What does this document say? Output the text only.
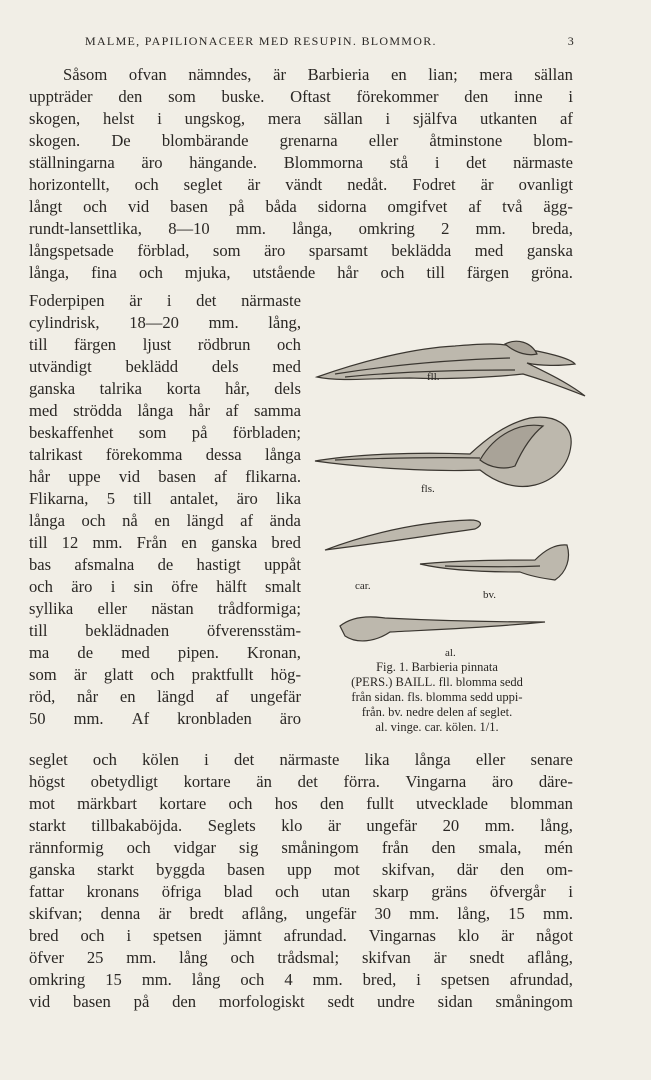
MALME, PAPILIONACEER MED RESUPIN. BLOMMOR.	3
Såsom ofvan nämndes, är Barbieria en lian; mera sällan
uppträder den som buske. Oftast förekommer den inne i
skogen, helst i ungskog, mera sällan i själfva utkanten af
skogen. De blombärande grenarna eller åtminstone blom-
ställningarna äro hängande. Blommorna stå i det närmaste
horizontellt, och seglet är vändt nedåt. Fodret är ovanligt
långt och vid basen på båda sidorna omgifvet af två ägg-
rundt-lansettlika, 8—10 mm. långa, omkring 2 mm. breda,
långspetsade förblad, som äro sparsamt beklädda med ganska
långa, fina och mjuka, utstående hår och till färgen gröna.
Foderpipen är i det närmaste
cylindrisk, 18—20 mm. lång,
till färgen ljust rödbrun och
utvändigt beklädd dels med
ganska talrika korta hår, dels
med strödda långa hår af samma
beskaffenhet som på förbladen;
talrikast förekomma dessa långa
hår uppe vid basen af flikarna.
Flikarna, 5 till antalet, äro lika
långa och nå en längd af ända
till 12 mm. Från en ganska bred
bas afsmalna de hastigt uppåt
och äro i sin öfre hälft smalt
syllika eller nästan trådformiga;
till beklädnaden öfverensstäm-
ma de med pipen. Kronan,
som är glatt och praktfullt hög-
röd, når en längd af ungefär
50 mm. Af kronbladen äro
seglet och kölen i det närmaste lika långa eller senare
högst obetydligt kortare än det förra. Vingarna äro däre-
mot märkbart kortare och hos den fullt utvecklade blomman
starkt tillbakaböjda. Seglets klo är ungefär 20 mm. lång,
rännformig och vidgar sig småningom från den smala, mén
ganska starkt byggda basen upp mot skifvan, där den om-
fattar kronans öfriga blad och utan skarp gräns öfvergår i
skifvan; denna är bredt aflång, ungefär 30 mm. lång, 15 mm.
bred och i spetsen jämnt afrundad. Vingarnas klo är något
öfver 25 mm. lång och trådsmal; skifvan är snedt aflång,
omkring 15 mm. lång och 4 mm. bred, i spetsen afrundad,
vid basen på den morfologiskt sedt undre sidan småningom
fll.
fls.
car.
bv.
al.
Fig. 1. Barbieria pinnata
(PERS.) BAILL. fll. blomma sedd
från sidan. fls. blomma sedd uppi-
från. bv. nedre delen af seglet.
al. vinge. car. kölen. 1/1.
